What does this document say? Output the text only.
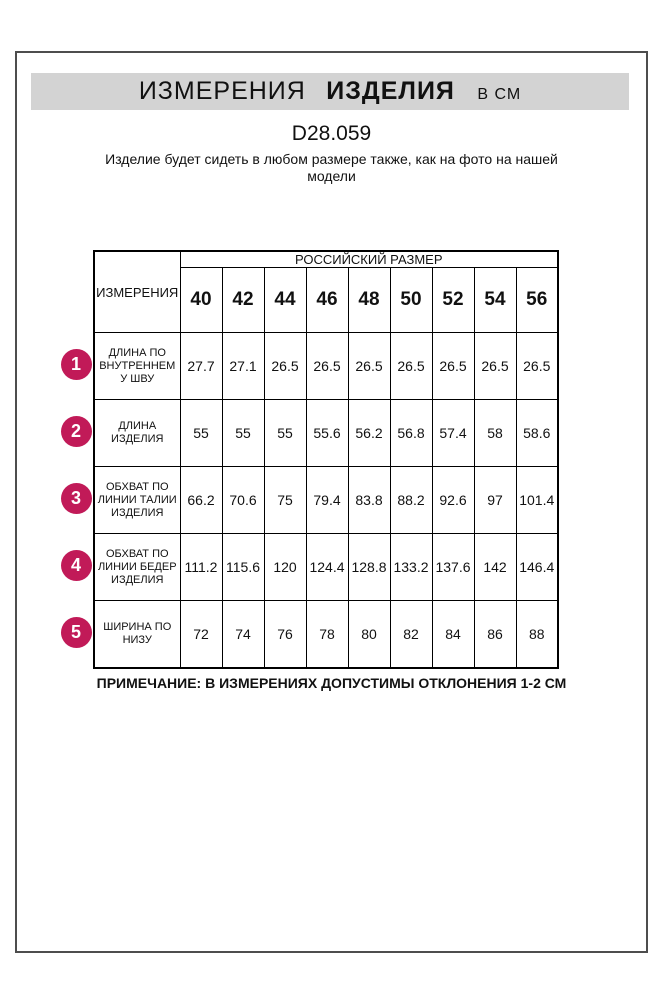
ИЗМЕРЕНИЯ ИЗДЕЛИЯ В СМ
D28.059

Изделие будет сидеть в любом размере также, как на фото на нашей модели

1
2
3
4
5
ИЗМЕРЕНИЯ	РОССИЙСКИЙ РАЗМЕР								
	40	42	44	46	48	50	52	54	56
ДЛИНА ПО ВНУТРЕННЕМ У ШВУ	27.7	27.1	26.5	26.5	26.5	26.5	26.5	26.5	26.5
ДЛИНА ИЗДЕЛИЯ	55	55	55	55.6	56.2	56.8	57.4	58	58.6
ОБХВАТ ПО ЛИНИИ ТАЛИИ ИЗДЕЛИЯ	66.2	70.6	75	79.4	83.8	88.2	92.6	97	101.4
ОБХВАТ ПО ЛИНИИ БЕДЕР ИЗДЕЛИЯ	111.2	115.6	120	124.4	128.8	133.2	137.6	142	146.4
ШИРИНА ПО НИЗУ	72	74	76	78	80	82	84	86	88
ПРИМЕЧАНИЕ: В ИЗМЕРЕНИЯХ ДОПУСТИМЫ ОТКЛОНЕНИЯ 1-2 СМ
